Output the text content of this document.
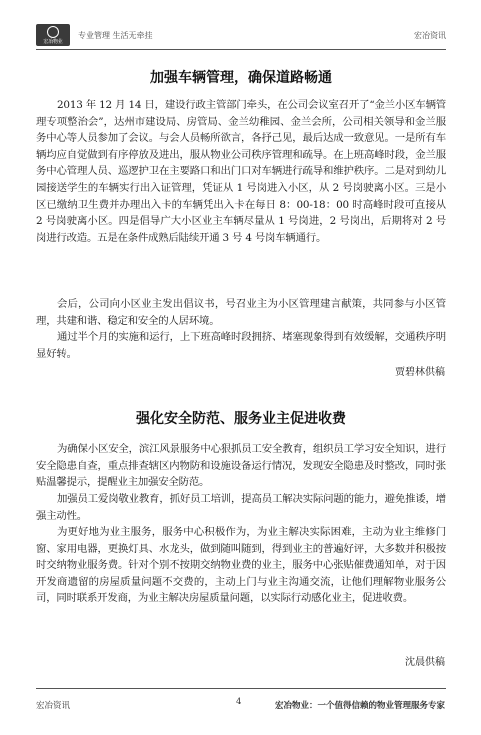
宏冶物业
专业管理 生活无牵挂	宏冶资讯
加强车辆管理，确保道路畅通

2013 年 12 月 14 日，建设行政主管部门牵头，在公司会议室召开了“金兰小区车辆管理专项整治会”，达州市建设局、房管局、金兰幼稚园、金兰会所，公司相关领导和金兰服务中心等人员参加了会议。与会人员畅所欲言，各抒己见，最后达成一致意见。一是所有车辆均应自觉做到有序停放及进出，服从物业公司秩序管理和疏导。在上班高峰时段，金兰服务中心管理人员、巡逻护卫在主要路口和出门口对车辆进行疏导和维护秩序。二是对到幼儿园接送学生的车辆实行出入证管理，凭证从 1 号岗进入小区，从 2 号岗驶离小区。三是小区已缴纳卫生费并办理出入卡的车辆凭出入卡在每日 8：00-18：00 时高峰时段可直接从 2 号岗驶离小区。四是倡导广大小区业主车辆尽量从 1 号岗进，2 号岗出，后期将对 2 号岗进行改造。五是在条件成熟后陆续开通 3 号 4 号岗车辆通行。

会后，公司向小区业主发出倡议书，号召业主为小区管理建言献策，共同参与小区管理，共建和谐、稳定和安全的人居环境。

通过半个月的实施和运行，上下班高峰时段拥挤、堵塞现象得到有效缓解，交通秩序明显好转。

贾碧林供稿
强化安全防范、服务业主促进收费

为确保小区安全，滨江风景服务中心狠抓员工安全教育，组织员工学习安全知识，进行安全隐患自查，重点排查辖区内物防和设施设备运行情况，发现安全隐患及时整改，同时张贴温馨提示，提醒业主加强安全防范。

加强员工爱岗敬业教育，抓好员工培训，提高员工解决实际问题的能力，避免推诿，增强主动性。

为更好地为业主服务，服务中心积极作为，为业主解决实际困难，主动为业主维修门窗、家用电器，更换灯具、水龙头，做到随叫随到，得到业主的普遍好评，大多数并积极按时交纳物业服务费。针对个别不按期交纳物业费的业主，服务中心张贴催费通知单，对于因开发商遗留的房屋质量问题不交费的，主动上门与业主沟通交流，让他们理解物业服务公司，同时联系开发商，为业主解决房屋质量问题，以实际行动感化业主，促进收费。

沈晨供稿
宏冶资讯	4	宏冶物业：一个值得信赖的物业管理服务专家
